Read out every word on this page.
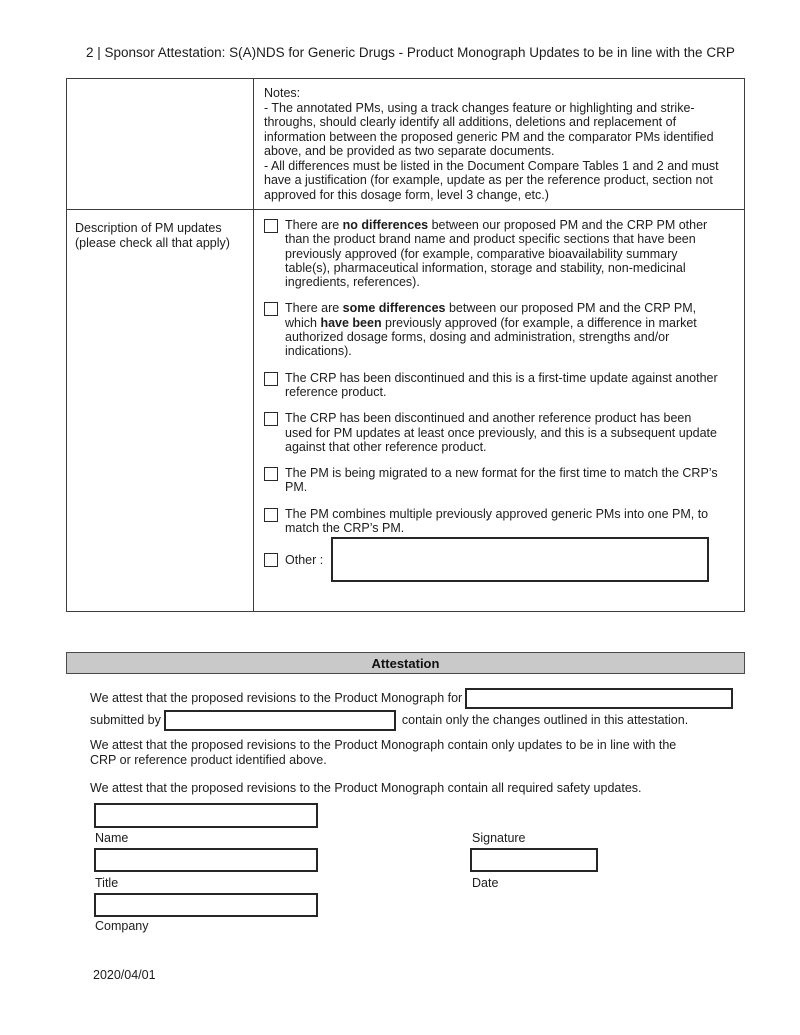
2 | Sponsor Attestation: S(A)NDS for Generic Drugs - Product Monograph Updates to be in line with the CRP
Notes:
- The annotated PMs, using a track changes feature or highlighting and strike-throughs, should clearly identify all additions, deletions and replacement of information between the proposed generic PM and the comparator PMs identified above, and be provided as two separate documents.
- All differences must be listed in the Document Compare Tables 1 and 2 and must have a justification (for example, update as per the reference product, section not approved for this dosage form, level 3 change, etc.)
Description of PM updates
(please check all that apply)
There are no differences between our proposed PM and the CRP PM other than the product brand name and product specific sections that have been previously approved (for example, comparative bioavailability summary table(s), pharmaceutical information, storage and stability, non-medicinal ingredients, references).
There are some differences between our proposed PM and the CRP PM, which have been previously approved (for example, a difference in market authorized dosage forms, dosing and administration, strengths and/or indications).
The CRP has been discontinued and this is a first-time update against another reference product.
The CRP has been discontinued and another reference product has been used for PM updates at least once previously, and this is a subsequent update against that other reference product.
The PM is being migrated to a new format for the first time to match the CRP’s PM.
The PM combines multiple previously approved generic PMs into one PM, to match the CRP’s PM.
Other :
Attestation
We attest that the proposed revisions to the Product Monograph for submitted by	contain only the changes outlined in this attestation.
We attest that the proposed revisions to the Product Monograph contain only updates to be in line with the CRP or reference product identified above.
We attest that the proposed revisions to the Product Monograph contain all required safety updates.
Name	Signature
Title	Date
Company
2020/04/01
